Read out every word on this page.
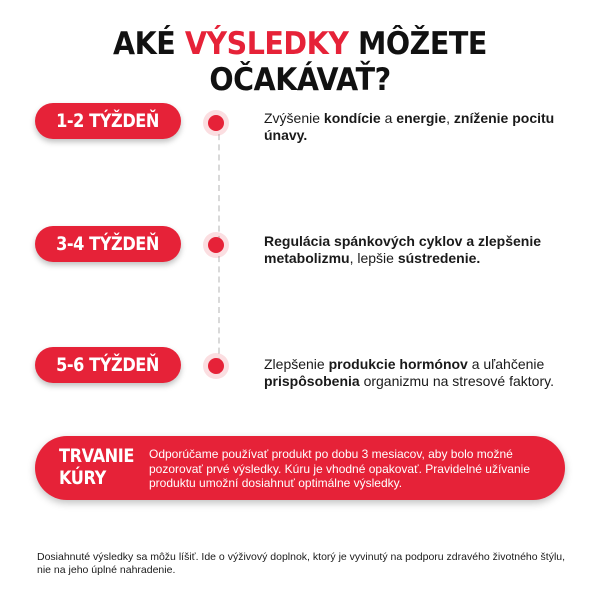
AKÉ VÝSLEDKY MÔŽETE OČAKÁVAŤ?
1-2 TÝŽDEŇ	Zvýšenie kondície a energie, zníženie pocitu únavy.
3-4 TÝŽDEŇ	Regulácia spánkových cyklov a zlepšenie metabolizmu, lepšie sústredenie.
5-6 TÝŽDEŇ	Zlepšenie produkcie hormónov a uľahčenie prispôsobenia organizmu na stresové faktory.
TRVANIE
KÚRY
Odporúčame používať produkt po dobu 3 mesiacov, aby bolo možné pozorovať prvé výsledky. Kúru je vhodné opakovať. Pravidelné užívanie produktu umožní dosiahnuť optimálne výsledky.
Dosiahnuté výsledky sa môžu líšiť. Ide o výživový doplnok, ktorý je vyvinutý na podporu zdravého životného štýlu, nie na jeho úplné nahradenie.
